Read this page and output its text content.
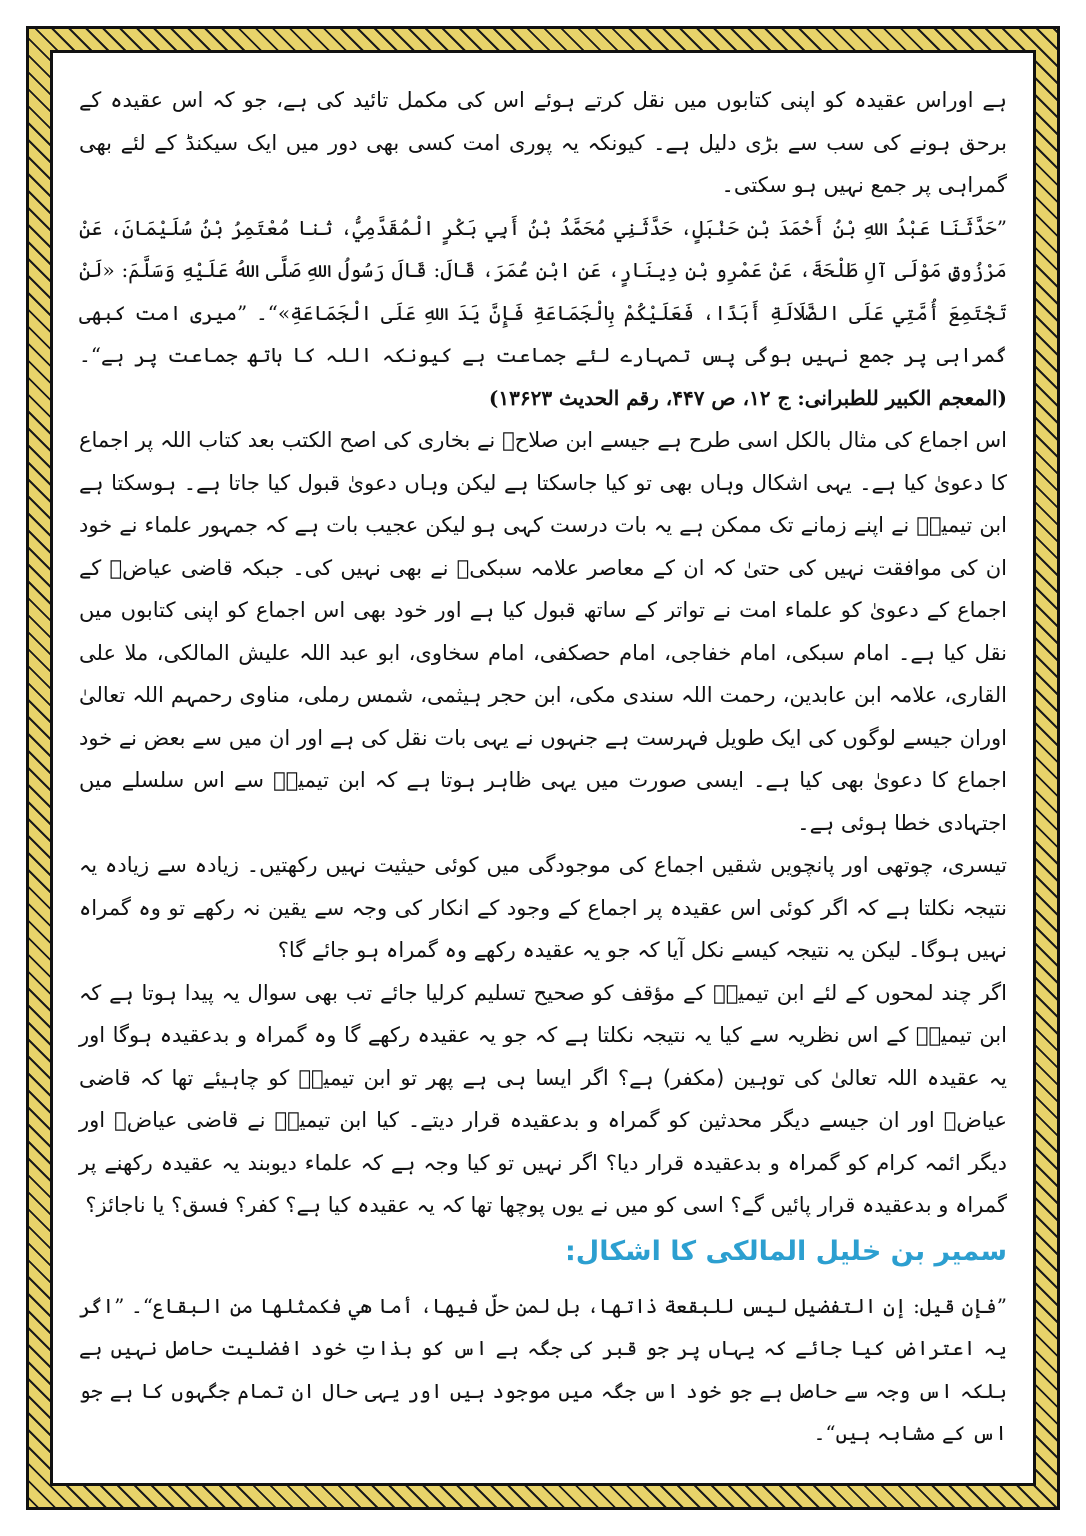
ہے اوراس عقیدہ کو اپنی کتابوں میں نقل کرتے ہوئے اس کی مکمل تائید کی ہے، جو کہ اس عقیدہ کے برحق ہونے کی سب سے بڑی دلیل ہے۔ کیونکہ یہ پوری امت کسی بھی دور میں ایک سیکنڈ کے لئے بھی گمراہی پر جمع نہیں ہو سکتی۔

”حَدَّثَنَا عَبْدُ اللهِ بْنُ أَحْمَدَ بْنِ حَنْبَلٍ، حَدَّثَنِي مُحَمَّدُ بْنُ أَبِي بَكْرٍ الْمُقَدَّمِيُّ، ثنا مُعْتَمِرُ بْنُ سُلَيْمَانَ، عَنْ مَرْزُوقٍ مَوْلَى آلِ طَلْحَةَ، عَنْ عَمْرِو بْنِ دِينَارٍ، عَنِ ابْنِ عُمَرَ، قَالَ: قَالَ رَسُولُ اللهِ صَلَّى اللهُ عَلَيْهِ وَسَلَّمَ: «لَنْ تَجْتَمِعَ أُمَّتِي عَلَى الضَّلَالَةِ أَبَدًا، فَعَلَيْكُمْ بِالْجَمَاعَةِ فَإِنَّ يَدَ اللهِ عَلَى الْجَمَاعَةِ»“۔ ”میری امت کبھی گمراہی پر جمع نہیں ہوگی پس تمہارے لئے جماعت ہے کیونکہ اللہ کا ہاتھ جماعت پر ہے“۔ (المعجم الکبیر للطبرانی: ج ۱۲، ص ۴۴۷، رقم الحدیث ۱۳۶۲۳)

اس اجماع کی مثال بالکل اسی طرح ہے جیسے ابن صلاحؒ نے بخاری کی اصح الکتب بعد کتاب اللہ پر اجماع کا دعویٰ کیا ہے۔ یہی اشکال وہاں بھی تو کیا جاسکتا ہے لیکن وہاں دعویٰ قبول کیا جاتا ہے۔ ہوسکتا ہے ابن تیمیہؒ نے اپنے زمانے تک ممکن ہے یہ بات درست کہی ہو لیکن عجیب بات ہے کہ جمہور علماء نے خود ان کی موافقت نہیں کی حتیٰ کہ ان کے معاصر علامہ سبکیؒ نے بھی نہیں کی۔ جبکہ قاضی عیاضؒ کے اجماع کے دعویٰ کو علماء امت نے تواتر کے ساتھ قبول کیا ہے اور خود بھی اس اجماع کو اپنی کتابوں میں نقل کیا ہے۔ امام سبکی، امام خفاجی، امام حصکفی، امام سخاوی، ابو عبد اللہ علیش المالکی، ملا علی القاری، علامہ ابن عابدین، رحمت اللہ سندی مکی، ابن حجر ہیثمی، شمس رملی، مناوی رحمہم اللہ تعالیٰ اوران جیسے لوگوں کی ایک طویل فہرست ہے جنہوں نے یہی بات نقل کی ہے اور ان میں سے بعض نے خود اجماع کا دعویٰ بھی کیا ہے۔ ایسی صورت میں یہی ظاہر ہوتا ہے کہ ابن تیمیہؒ سے اس سلسلے میں اجتہادی خطا ہوئی ہے۔

تیسری، چوتھی اور پانچویں شقیں اجماع کی موجودگی میں کوئی حیثیت نہیں رکھتیں۔ زیادہ سے زیادہ یہ نتیجہ نکلتا ہے کہ اگر کوئی اس عقیدہ پر اجماع کے وجود کے انکار کی وجہ سے یقین نہ رکھے تو وہ گمراہ نہیں ہوگا۔ لیکن یہ نتیجہ کیسے نکل آیا کہ جو یہ عقیدہ رکھے وہ گمراہ ہو جائے گا؟

اگر چند لمحوں کے لئے ابن تیمیہؒ کے مؤقف کو صحیح تسلیم کرلیا جائے تب بھی سوال یہ پیدا ہوتا ہے کہ ابن تیمیہؒ کے اس نظریہ سے کیا یہ نتیجہ نکلتا ہے کہ جو یہ عقیدہ رکھے گا وہ گمراہ و بدعقیدہ ہوگا اور یہ عقیدہ اللہ تعالیٰ کی توہین (مکفر) ہے؟ اگر ایسا ہی ہے پھر تو ابن تیمیہؒ کو چاہیئے تھا کہ قاضی عیاضؒ اور ان جیسے دیگر محدثین کو گمراہ و بدعقیدہ قرار دیتے۔ کیا ابن تیمیہؒ نے قاضی عیاضؒ اور دیگر ائمہ کرام کو گمراہ و بدعقیدہ قرار دیا؟ اگر نہیں تو کیا وجہ ہے کہ علماء دیوبند یہ عقیدہ رکھنے پر گمراہ و بدعقیدہ قرار پائیں گے؟ اسی کو میں نے یوں پوچھا تھا کہ یہ عقیدہ کیا ہے؟ کفر؟ فسق؟ یا ناجائز؟

سمیر بن خلیل المالکی کا اشکال:

”فإن قيل: إن التفضيل ليس للبقعة ذاتها، بل لمن حلّ فيها، أما هي فكمثلها من البقاع“۔ ”اگر یہ اعتراض کیا جائے کہ یہاں پر جو قبر کی جگہ ہے اس کو بذاتِ خود افضلیت حاصل نہیں ہے بلکہ اس وجہ سے حاصل ہے جو خود اس جگہ میں موجود ہیں اور یہی حال ان تمام جگہوں کا ہے جو اس کے مشابہ ہیں“۔
